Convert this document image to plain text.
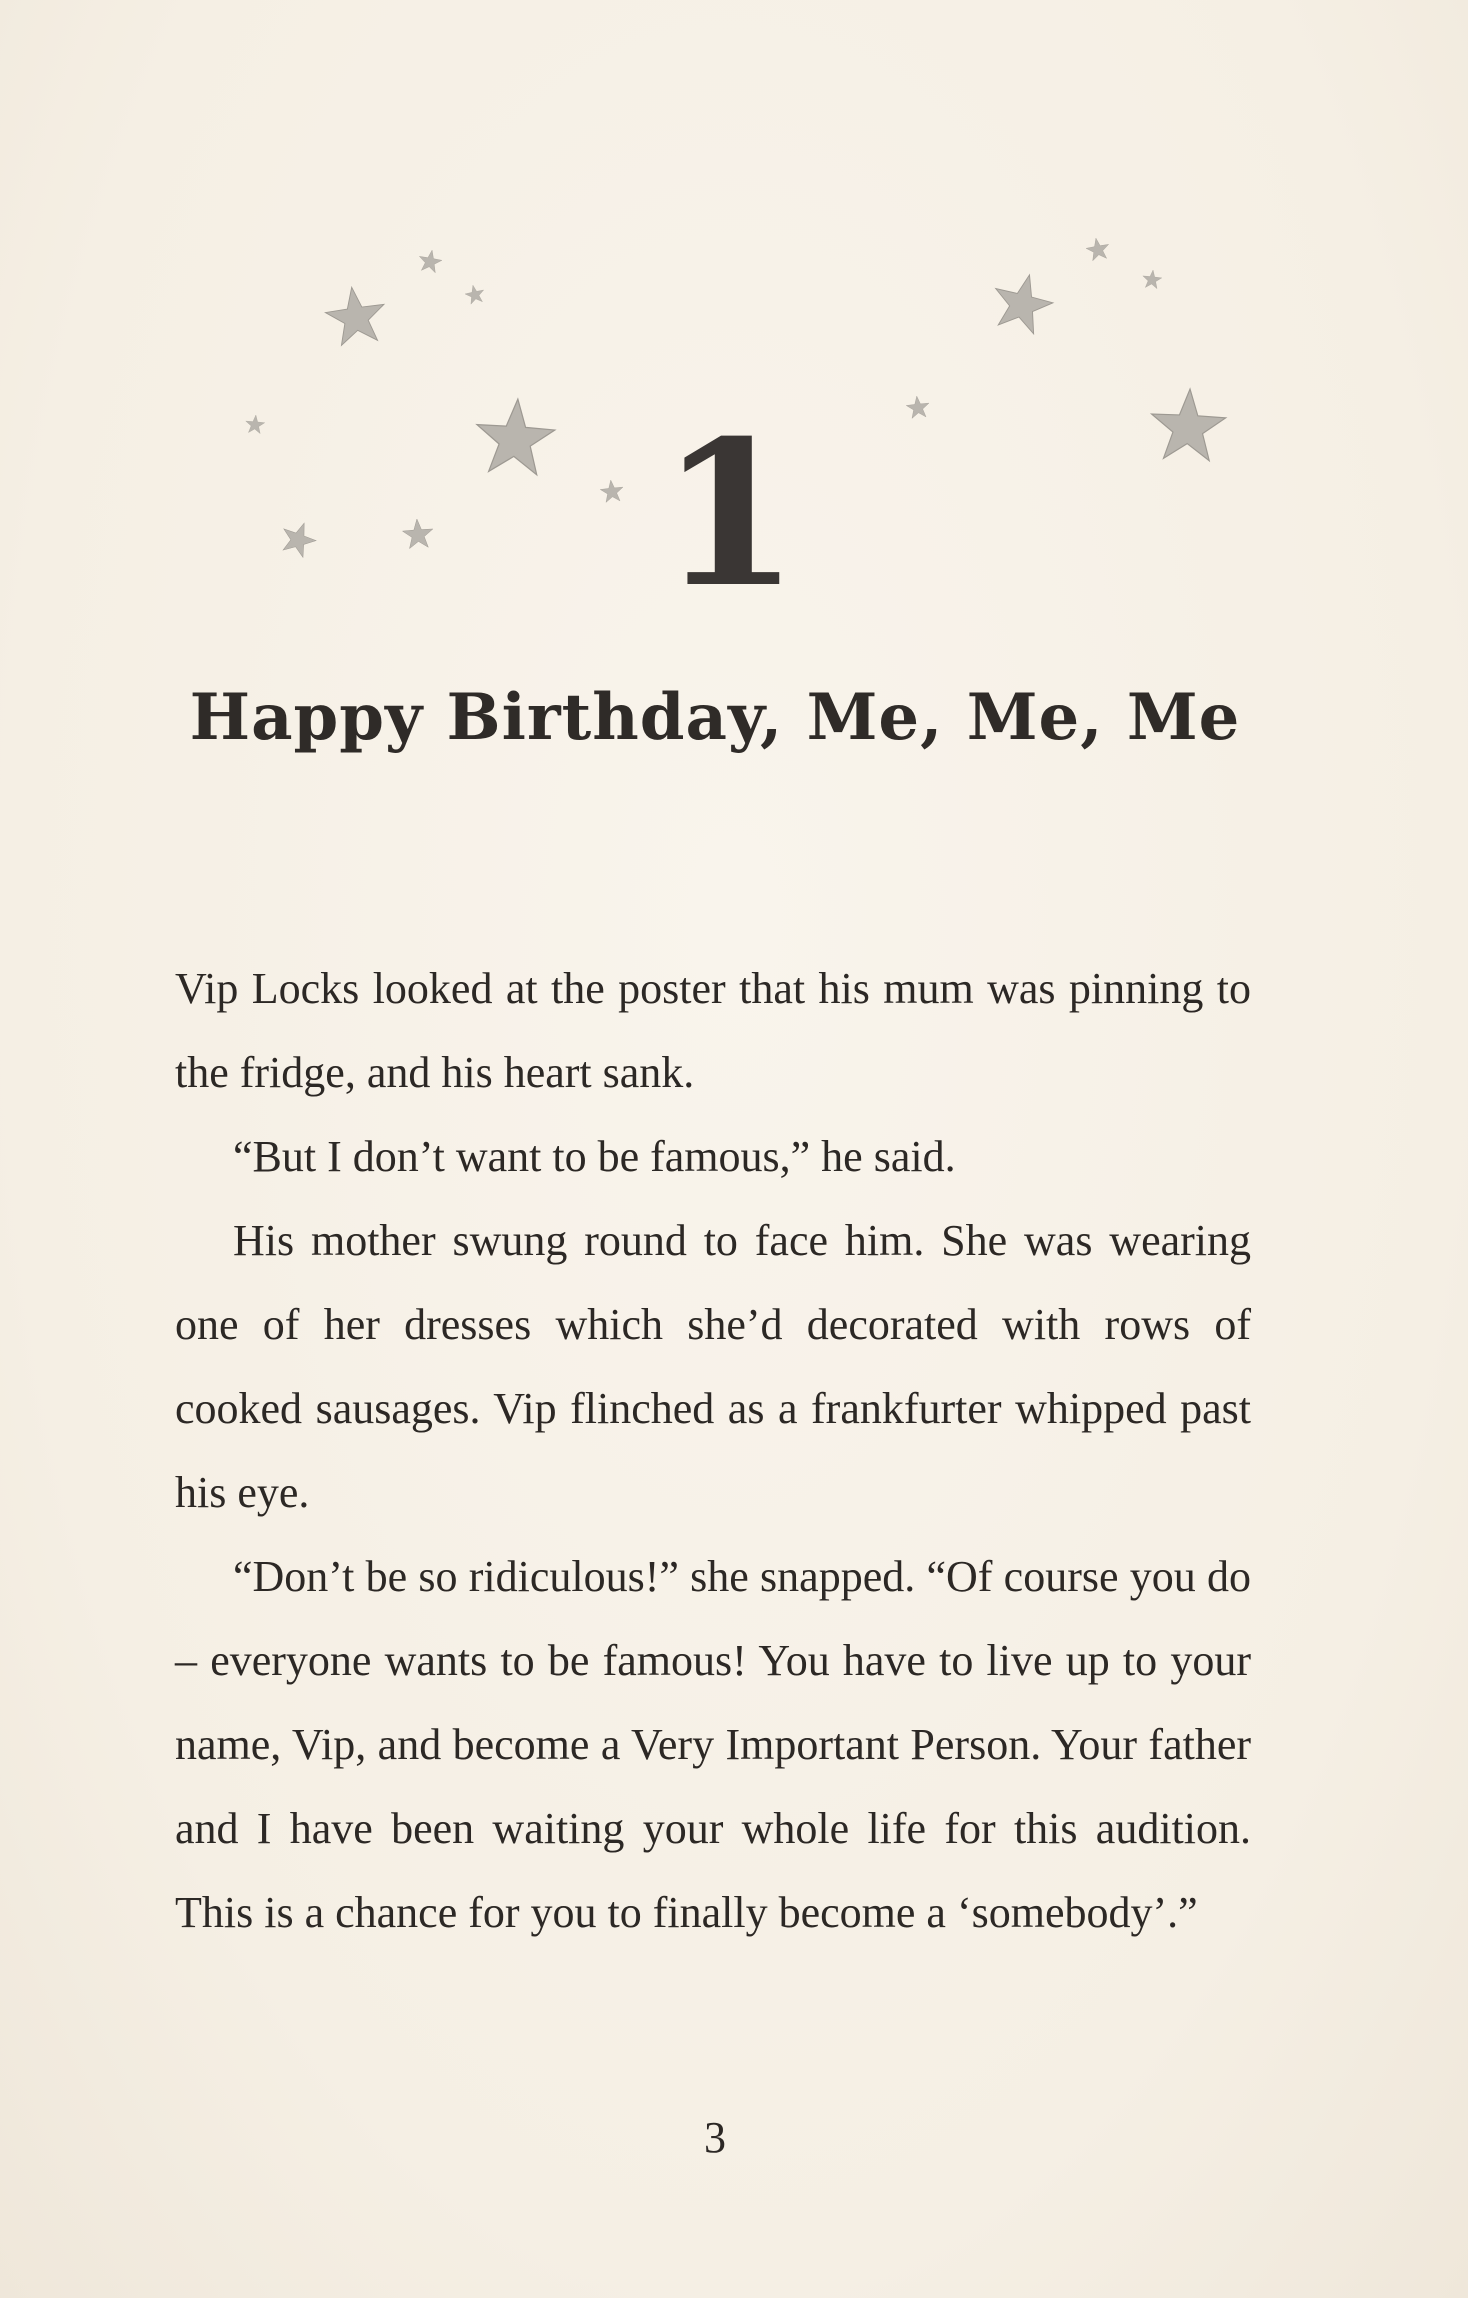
1
Happy Birthday, Me, Me, Me

Vip Locks looked at the poster that his mum was pinning to the fridge, and his heart sank.

“But I don’t want to be famous,” he said.

His mother swung round to face him. She was wearing one of her dresses which she’d decorated with rows of cooked sausages. Vip flinched as a frankfurter whipped past his eye.

“Don’t be so ridiculous!” she snapped. “Of course you do – everyone wants to be famous! You have to live up to your name, Vip, and become a Very Important Person. Your father and I have been waiting your whole life for this audition. This is a chance for you to finally become a ‘somebody’.”

3
